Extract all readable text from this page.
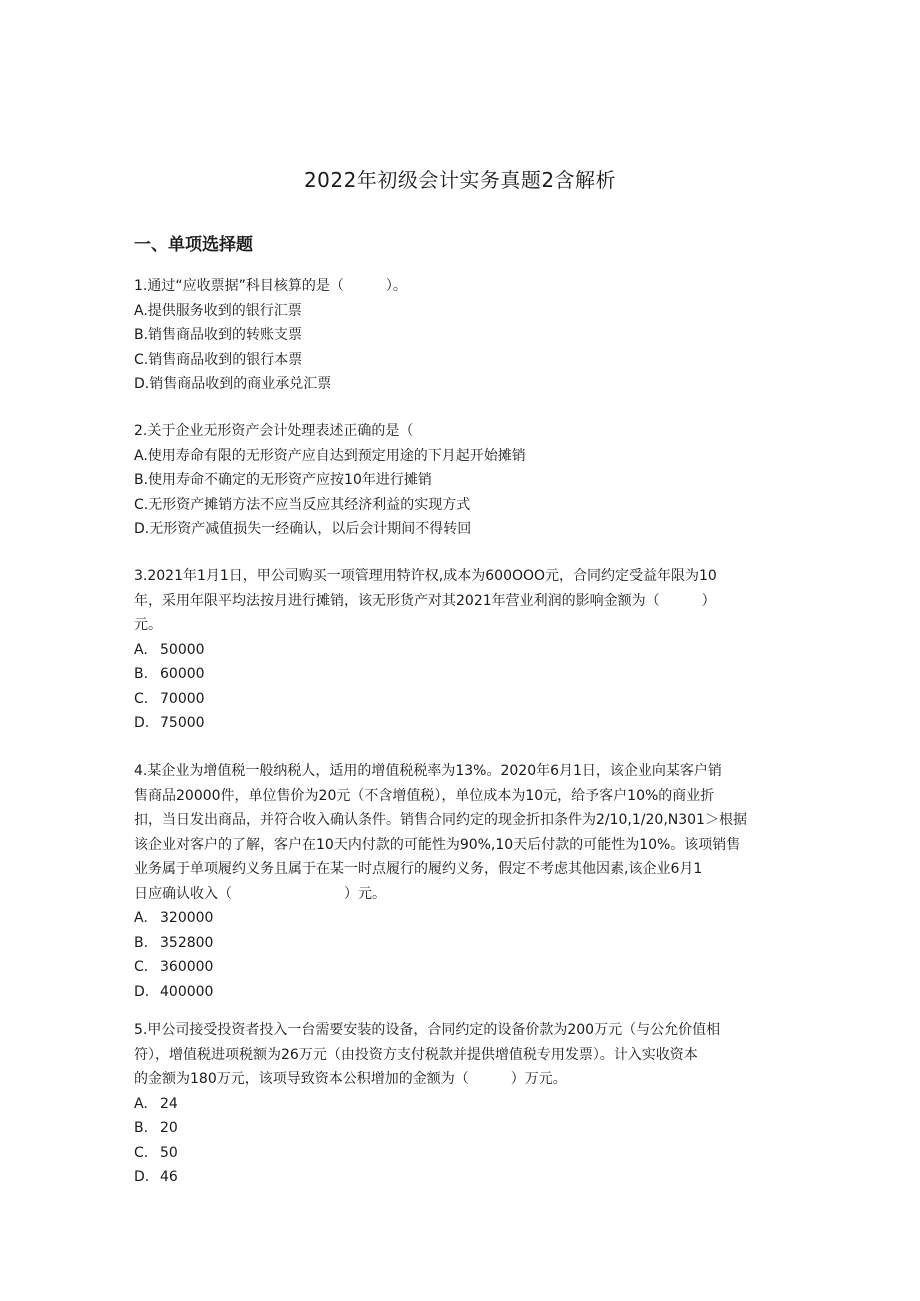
2022年初级会计实务真题2含解析
一、单项选择题

1.通过“应收票据”科目核算的是（　　　）。

A.提供服务收到的银行汇票
B.销售商品收到的转账支票
C.销售商品收到的银行本票
D.销售商品收到的商业承兑汇票

2.关于企业无形资产会计处理表述正确的是（

A.使用寿命有限的无形资产应自达到预定用途的下月起开始摊销
B.使用寿命不确定的无形资产应按10年进行摊销
C.无形资产摊销方法不应当反应其经济利益的实现方式
D.无形资产减值损失一经确认，以后会计期间不得转回

3.2021年1月1日，甲公司购买一项管理用特许权,成本为600OOO元，合同约定受益年限为10

年，采用年限平均法按月进行摊销，该无形货产对其2021年营业利润的影响金额为（　　　）

元。

A. 50000
B. 60000
C. 70000
D. 75000

4.某企业为增值税一般纳税人，适用的增值税税率为13%。2020年6月1日，该企业向某客户销

售商品20000件，单位售价为20元（不含增值税），单位成本为10元，给予客户10%的商业折

扣，当日发出商品，并符合收入确认条件。销售合同约定的现金折扣条件为2/10,1/20,N301＞根据

该企业对客户的了解，客户在10天内付款的可能性为90%,10天后付款的可能性为10%。该项销售

业务属于单项履约义务且属于在某一时点履行的履约义务，假定不考虑其他因素,该企业6月1

日应确认收入（　　　　　　　　）元。

A. 320000
B. 352800
C. 360000
D. 400000

5.甲公司接受投资者投入一台需要安装的设备，合同约定的设备价款为200万元（与公允价值相

符），增值税进项税额为26万元（由投资方支付税款并提供增值税专用发票）。计入实收资本

的金额为180万元，该项导致资本公积增加的金额为（　　　）万元。

A. 24
B. 20
C. 50
D. 46
